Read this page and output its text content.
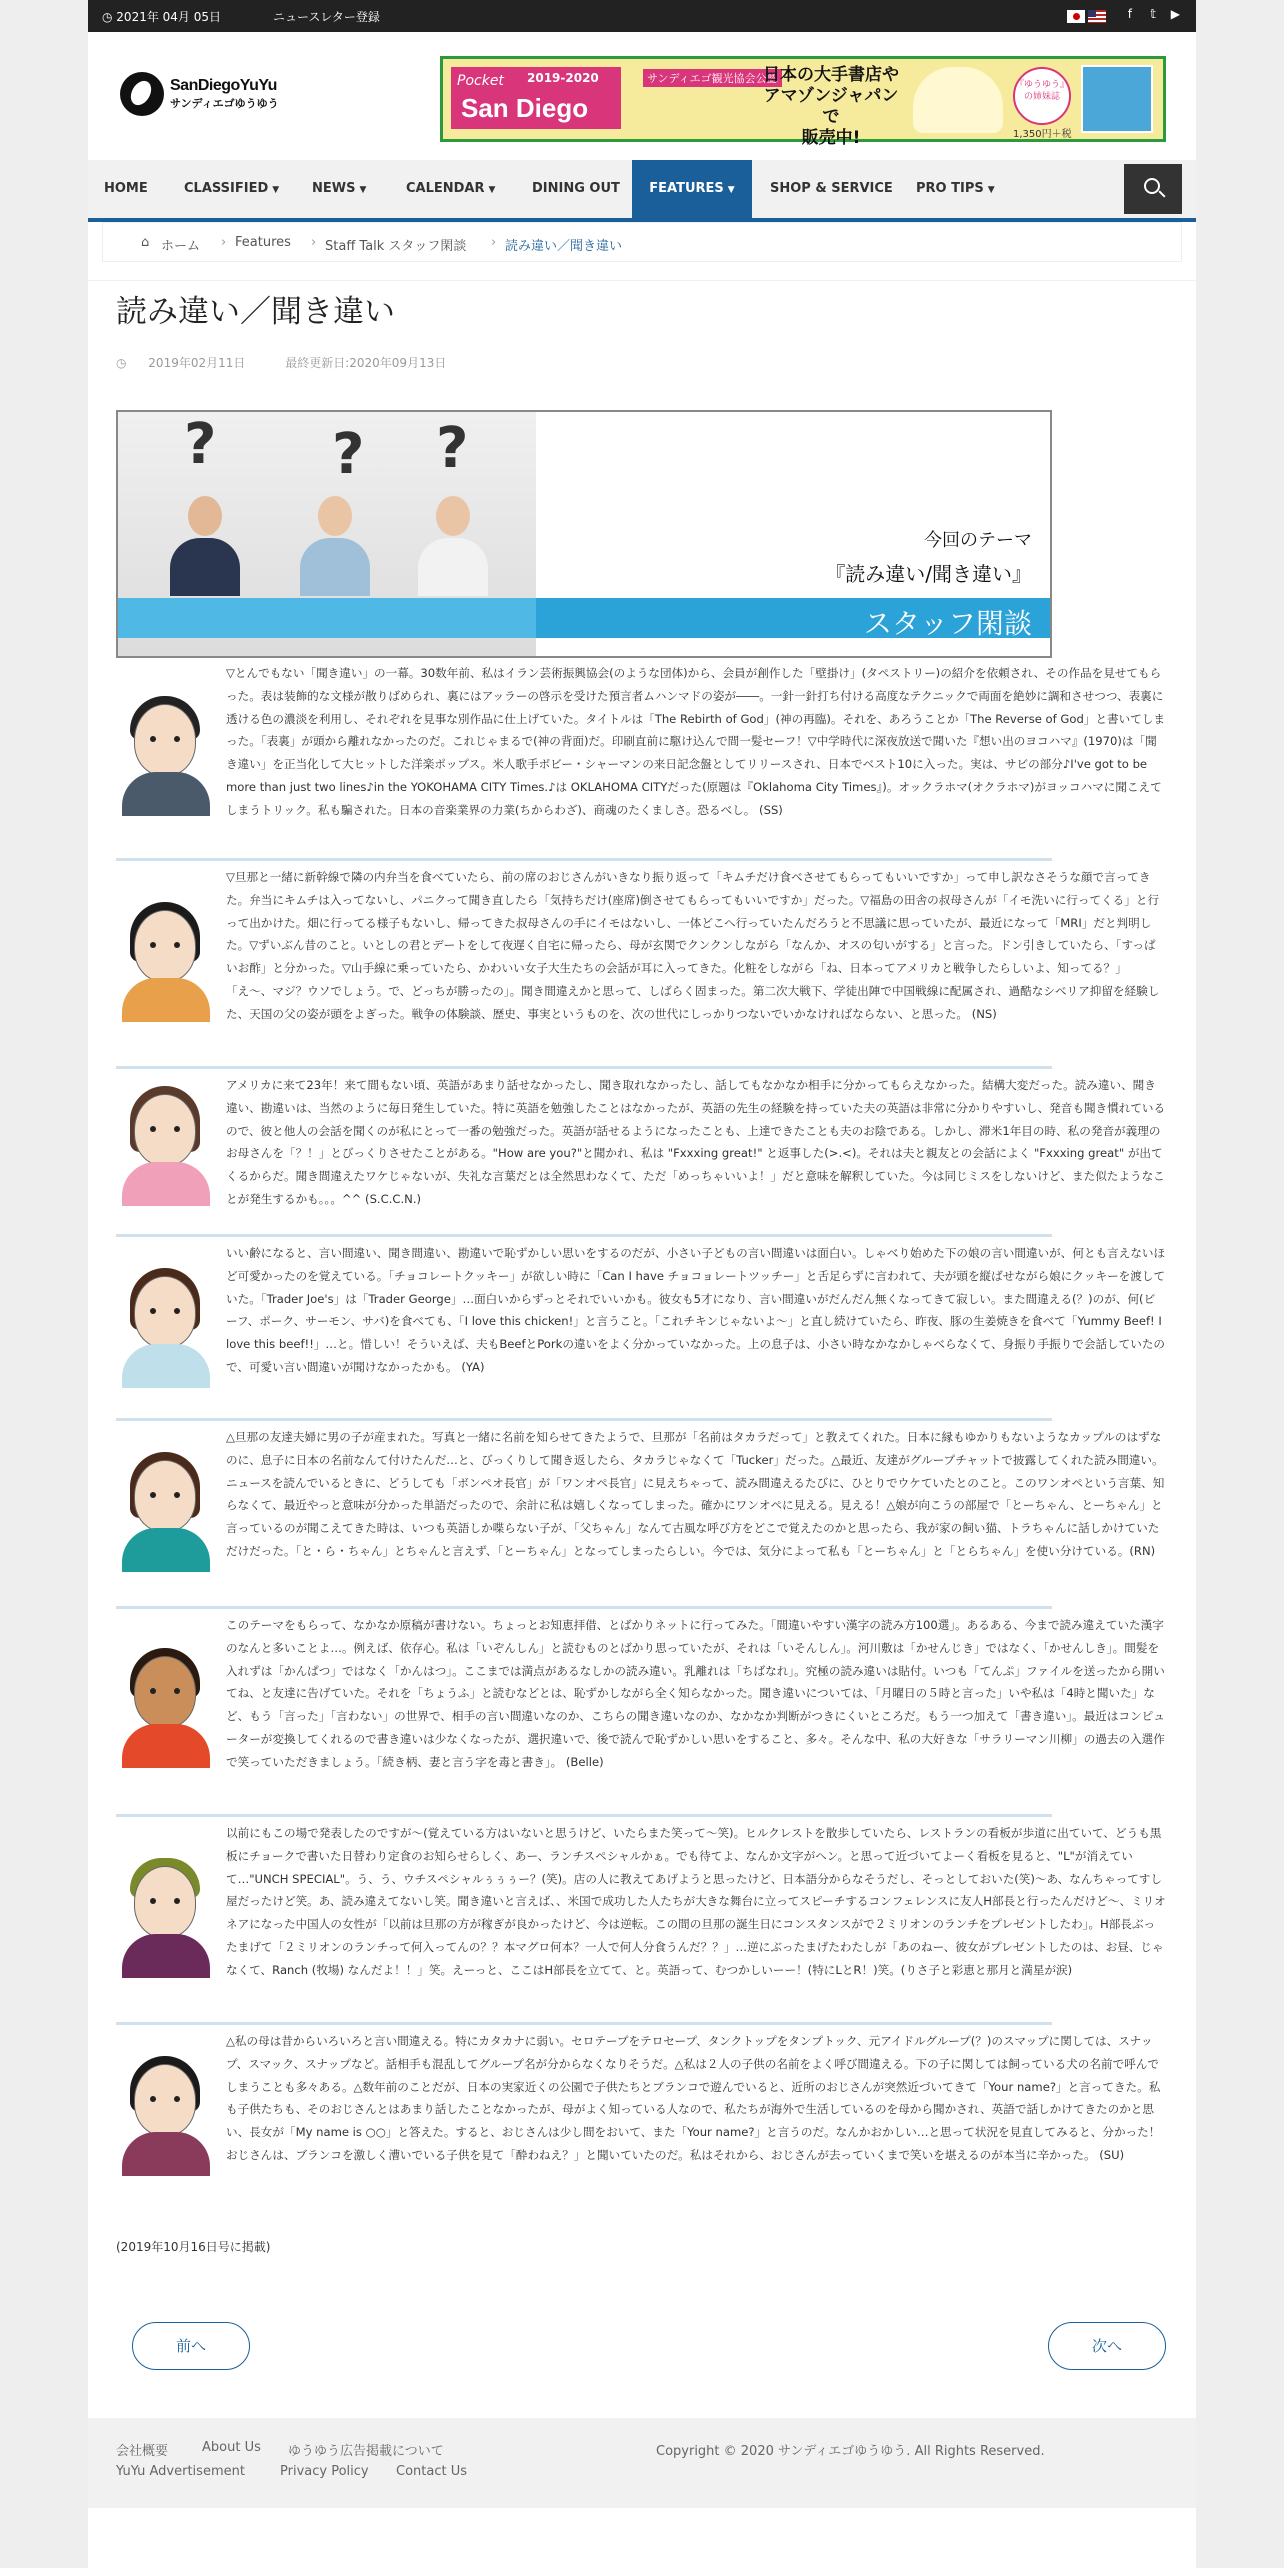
◷ 2021年 04月 05日	ニュースレター登録	f 𝕥 ▶
SanDiegoYuYu
サンディエゴゆうゆう
Pocket 2019-2020
San Diego
サンディエゴ観光協会公認
日本の大手書店や
アマゾンジャパンで
販売中!
『ゆうゆう』の姉妹誌
1,350円＋税
HOME	CLASSIFIED ▼	NEWS ▼	CALENDAR ▼	DINING OUT	FEATURES ▼	SHOP & SERVICE PRO TIPS ▼
⌂ ホーム › Features › Staff Talk スタッフ閑談 › 読み違い／聞き違い
読み違い／聞き違い
◷ 2019年02月11日	最終更新日:2020年09月13日
? ? ?
今回のテーマ
『読み違い/聞き違い』
スタッフ閑談
▽とんでもない「聞き違い」の一幕。30数年前、私はイラン芸術振興協会(のような団体)から、会員が創作した「壁掛け」(タペストリー)の紹介を依頼され、その作品を見せてもらった。表は装飾的な文様が散りばめられ、裏にはアッラーの啓示を受けた預言者ムハンマドの姿が――。一針一針打ち付ける高度なテクニックで両面を絶妙に調和させつつ、表裏に透ける色の濃淡を利用し、それぞれを見事な別作品に仕上げていた。タイトルは「The Rebirth of God」(神の再臨)。それを、あろうことか「The Reverse of God」と書いてしまった。「表裏」が頭から離れなかったのだ。これじゃまるで(神の背面)だ。印刷直前に駆け込んで間一髪セーフ！▽中学時代に深夜放送で聞いた『想い出のヨコハマ』(1970)は「聞き違い」を正当化して大ヒットした洋楽ポップス。米人歌手ボビー・シャーマンの来日記念盤としてリリースされ、日本でベスト10に入った。実は、サビの部分♪I've got to be more than just two lines♪in the YOKOHAMA CITY Times.♪は OKLAHOMA CITYだった(原題は『Oklahoma City Times』)。オックラホマ(オクラホマ)がヨッコハマに聞こえてしまうトリック。私も騙された。日本の音楽業界の力業(ちからわざ)、商魂のたくましさ。恐るべし。 (SS)
▽旦那と一緒に新幹線で隣の内弁当を食べていたら、前の席のおじさんがいきなり振り返って「キムチだけ食べさせてもらってもいいですか」って申し訳なさそうな顔で言ってきた。弁当にキムチは入ってないし、パニクって聞き直したら「気持ちだけ(座席)倒させてもらってもいいですか」だった。▽福島の田舎の叔母さんが「イモ洗いに行ってくる」と行って出かけた。畑に行ってる様子もないし、帰ってきた叔母さんの手にイモはないし、一体どこへ行っていたんだろうと不思議に思っていたが、最近になって「MRI」だと判明した。▽ずいぶん昔のこと。いとしの君とデートをして夜遅く自宅に帰ったら、母が玄関でクンクンしながら「なんか、オスの匂いがする」と言った。ドン引きしていたら、「すっぱいお酢」と分かった。▽山手線に乗っていたら、かわいい女子大生たちの会話が耳に入ってきた。化粧をしながら「ね、日本ってアメリカと戦争したらしいよ、知ってる？」「え〜、マジ？ウソでしょう。で、どっちが勝ったの」。聞き間違えかと思って、しばらく固まった。第二次大戦下、学徒出陣で中国戦線に配属され、過酷なシベリア抑留を経験した、天国の父の姿が頭をよぎった。戦争の体験談、歴史、事実というものを、次の世代にしっかりつないでいかなければならない、と思った。 (NS)
アメリカに来て23年！来て間もない頃、英語があまり話せなかったし、聞き取れなかったし、話してもなかなか相手に分かってもらえなかった。結構大変だった。読み違い、聞き違い、勘違いは、当然のように毎日発生していた。特に英語を勉強したことはなかったが、英語の先生の経験を持っていた夫の英語は非常に分かりやすいし、発音も聞き慣れているので、彼と他人の会話を聞くのが私にとって一番の勉強だった。英語が話せるようになったことも、上達できたことも夫のお陰である。しかし、滞米1年目の時、私の発音が義理のお母さんを「？！」とびっくりさせたことがある。"How are you?"と聞かれ、私は "Fxxxing great!" と返事した(>.<)。それは夫と親友との会話によく "Fxxxing great" が出てくるからだ。聞き間違えたワケじゃないが、失礼な言葉だとは全然思わなくて、ただ「めっちゃいいよ！」だと意味を解釈していた。今は同じミスをしないけど、また似たようなことが発生するかも。。。^^ (S.C.C.N.)
いい齢になると、言い間違い、聞き間違い、勘違いで恥ずかしい思いをするのだが、小さい子どもの言い間違いは面白い。しゃべり始めた下の娘の言い間違いが、何とも言えないほど可愛かったのを覚えている。「チョコレートクッキー」が欲しい時に「Can I have チョコョレートツッチー」と舌足らずに言われて、夫が頭を縦ばせながら娘にクッキーを渡していた。「Trader Joe's」は「Trader George」…面白いからずっとそれでいいかも。彼女も5才になり、言い間違いがだんだん無くなってきて寂しい。また間違える(？)のが、何(ビーフ、ポーク、サーモン、サバ)を食べても、「I love this chicken!」と言うこと。「これチキンじゃないよ〜」と直し続けていたら、昨夜、豚の生姜焼きを食べて「Yummy Beef! I love this beef!!」…と。惜しい！そういえば、夫もBeefとPorkの違いをよく分かっていなかった。上の息子は、小さい時なかなかしゃべらなくて、身振り手振りで会話していたので、可愛い言い間違いが聞けなかったかも。 (YA)
△旦那の友達夫婦に男の子が産まれた。写真と一緒に名前を知らせてきたようで、旦那が「名前はタカラだって」と教えてくれた。日本に縁もゆかりもないようなカップルのはずなのに、息子に日本の名前なんて付けたんだ…と、びっくりして聞き返したら、タカラじゃなくて「Tucker」だった。△最近、友達がグループチャットで披露してくれた読み間違い。ニュースを読んでいるときに、どうしても「ボンペオ長官」が「ワンオペ長官」に見えちゃって、読み間違えるたびに、ひとりでウケていたとのこと。このワンオペという言葉、知らなくて、最近やっと意味が分かった単語だったので、余計に私は嬉しくなってしまった。確かにワンオペに見える。見える！△娘が向こうの部屋で「とーちゃん、とーちゃん」と言っているのが聞こえてきた時は、いつも英語しか喋らない子が、「父ちゃん」なんて古風な呼び方をどこで覚えたのかと思ったら、我が家の飼い猫、トラちゃんに話しかけていただけだった。「と・ら・ちゃん」とちゃんと言えず、「とーちゃん」となってしまったらしい。今では、気分によって私も「とーちゃん」と「とらちゃん」を使い分けている。(RN)
このテーマをもらって、なかなか原稿が書けない。ちょっとお知恵拝借、とばかりネットに行ってみた。「間違いやすい漢字の読み方100選」。あるある、今まで読み違えていた漢字のなんと多いことよ…。例えば、依存心。私は「いぞんしん」と読むものとばかり思っていたが、それは「いそんしん」。河川敷は「かせんじき」ではなく、「かせんしき」。間髪を入れずは「かんぱつ」ではなく「かんはつ」。ここまでは満点があるなしかの読み違い。乳離れは「ちばなれ」。究極の読み違いは貼付。いつも「てんぷ」ファイルを送ったから開いてね、と友達に告げていた。それを「ちょうふ」と読むなどとは、恥ずかしながら全く知らなかった。聞き違いについては、「月曜日の５時と言った」いや私は「4時と聞いた」など、もう「言った」「言わない」の世界で、相手の言い間違いなのか、こちらの聞き違いなのか、なかなか判断がつきにくいところだ。もう一つ加えて「書き違い」。最近はコンピューターが変換してくれるので書き違いは少なくなったが、選択違いで、後で読んで恥ずかしい思いをすること、多々。そんな中、私の大好きな「サラリーマン川柳」の過去の入選作で笑っていただきましょう。「続き柄、妻と言う字を毒と書き」。 (Belle)
以前にもこの場で発表したのですが～(覚えている方はいないと思うけど、いたらまた笑って～笑)。ヒルクレストを散歩していたら、レストランの看板が歩道に出ていて、どうも黒板にチョークで書いた日替わり定食のお知らせらしく、あー、ランチスペシャルかぁ。でも待てよ、なんか文字がヘン。と思って近づいてよーく看板を見ると、"L"が消えていて…"UNCH SPECIAL"。う、う、ウチスペシャルぅぅぅー？(笑)。店の人に教えてあげようと思ったけど、日本語分からなそうだし、そっとしておいた(笑)〜あ、なんちゃってすし屋だったけど笑。あ、読み違えてないし笑。聞き違いと言えば、、米国で成功した人たちが大きな舞台に立ってスピーチするコンフェレンスに友人H部長と行ったんだけど〜、ミリオネアになった中国人の女性が「以前は旦那の方が稼ぎが良かったけど、今は逆転。この間の旦那の誕生日にコンスタンスがで２ミリオンのランチをプレゼントしたわ」。H部長ぶったまげて「２ミリオンのランチって何入ってんの？？本マグロ何本？一人で何人分食うんだ？？」…逆にぶったまげたわたしが「あのねー、彼女がプレゼントしたのは、お昼、じゃなくて、Ranch (牧場) なんだよ！！」笑。えーっと、ここはH部長を立てて、と。英語って、むつかしいーー！(特にLとR！)笑。(りさ子と彩恵と那月と満星が涙)
△私の母は昔からいろいろと言い間違える。特にカタカナに弱い。セロテープをテロセープ、タンクトップをタンプトック、元アイドルグループ(？)のスマップに関しては、スナップ、スマック、スナップなど。話相手も混乱してグループ名が分からなくなりそうだ。△私は２人の子供の名前をよく呼び間違える。下の子に関しては飼っている犬の名前で呼んでしまうことも多々ある。△数年前のことだが、日本の実家近くの公園で子供たちとブランコで遊んでいると、近所のおじさんが突然近づいてきて「Your name?」と言ってきた。私も子供たちも、そのおじさんとはあまり話したことなかったが、母がよく知っている人なので、私たちが海外で生活しているのを母から聞かされ、英語で話しかけてきたのかと思い、長女が「My name is ○○」と答えた。すると、おじさんは少し間をおいて、また「Your name?」と言うのだ。なんかおかしい…と思って状況を見直してみると、分かった！おじさんは、ブランコを激しく漕いでいる子供を見て「酔わねえ？」と聞いていたのだ。私はそれから、おじさんが去っていくまで笑いを堪えるのが本当に辛かった。 (SU)
(2019年10月16日号に掲載)
前へ	次へ
会社概要	About Us ゆうゆう広告掲載について
YuYu Advertisement	Privacy Policy Contact Us
Copyright © 2020 サンディエゴゆうゆう. All Rights Reserved.
